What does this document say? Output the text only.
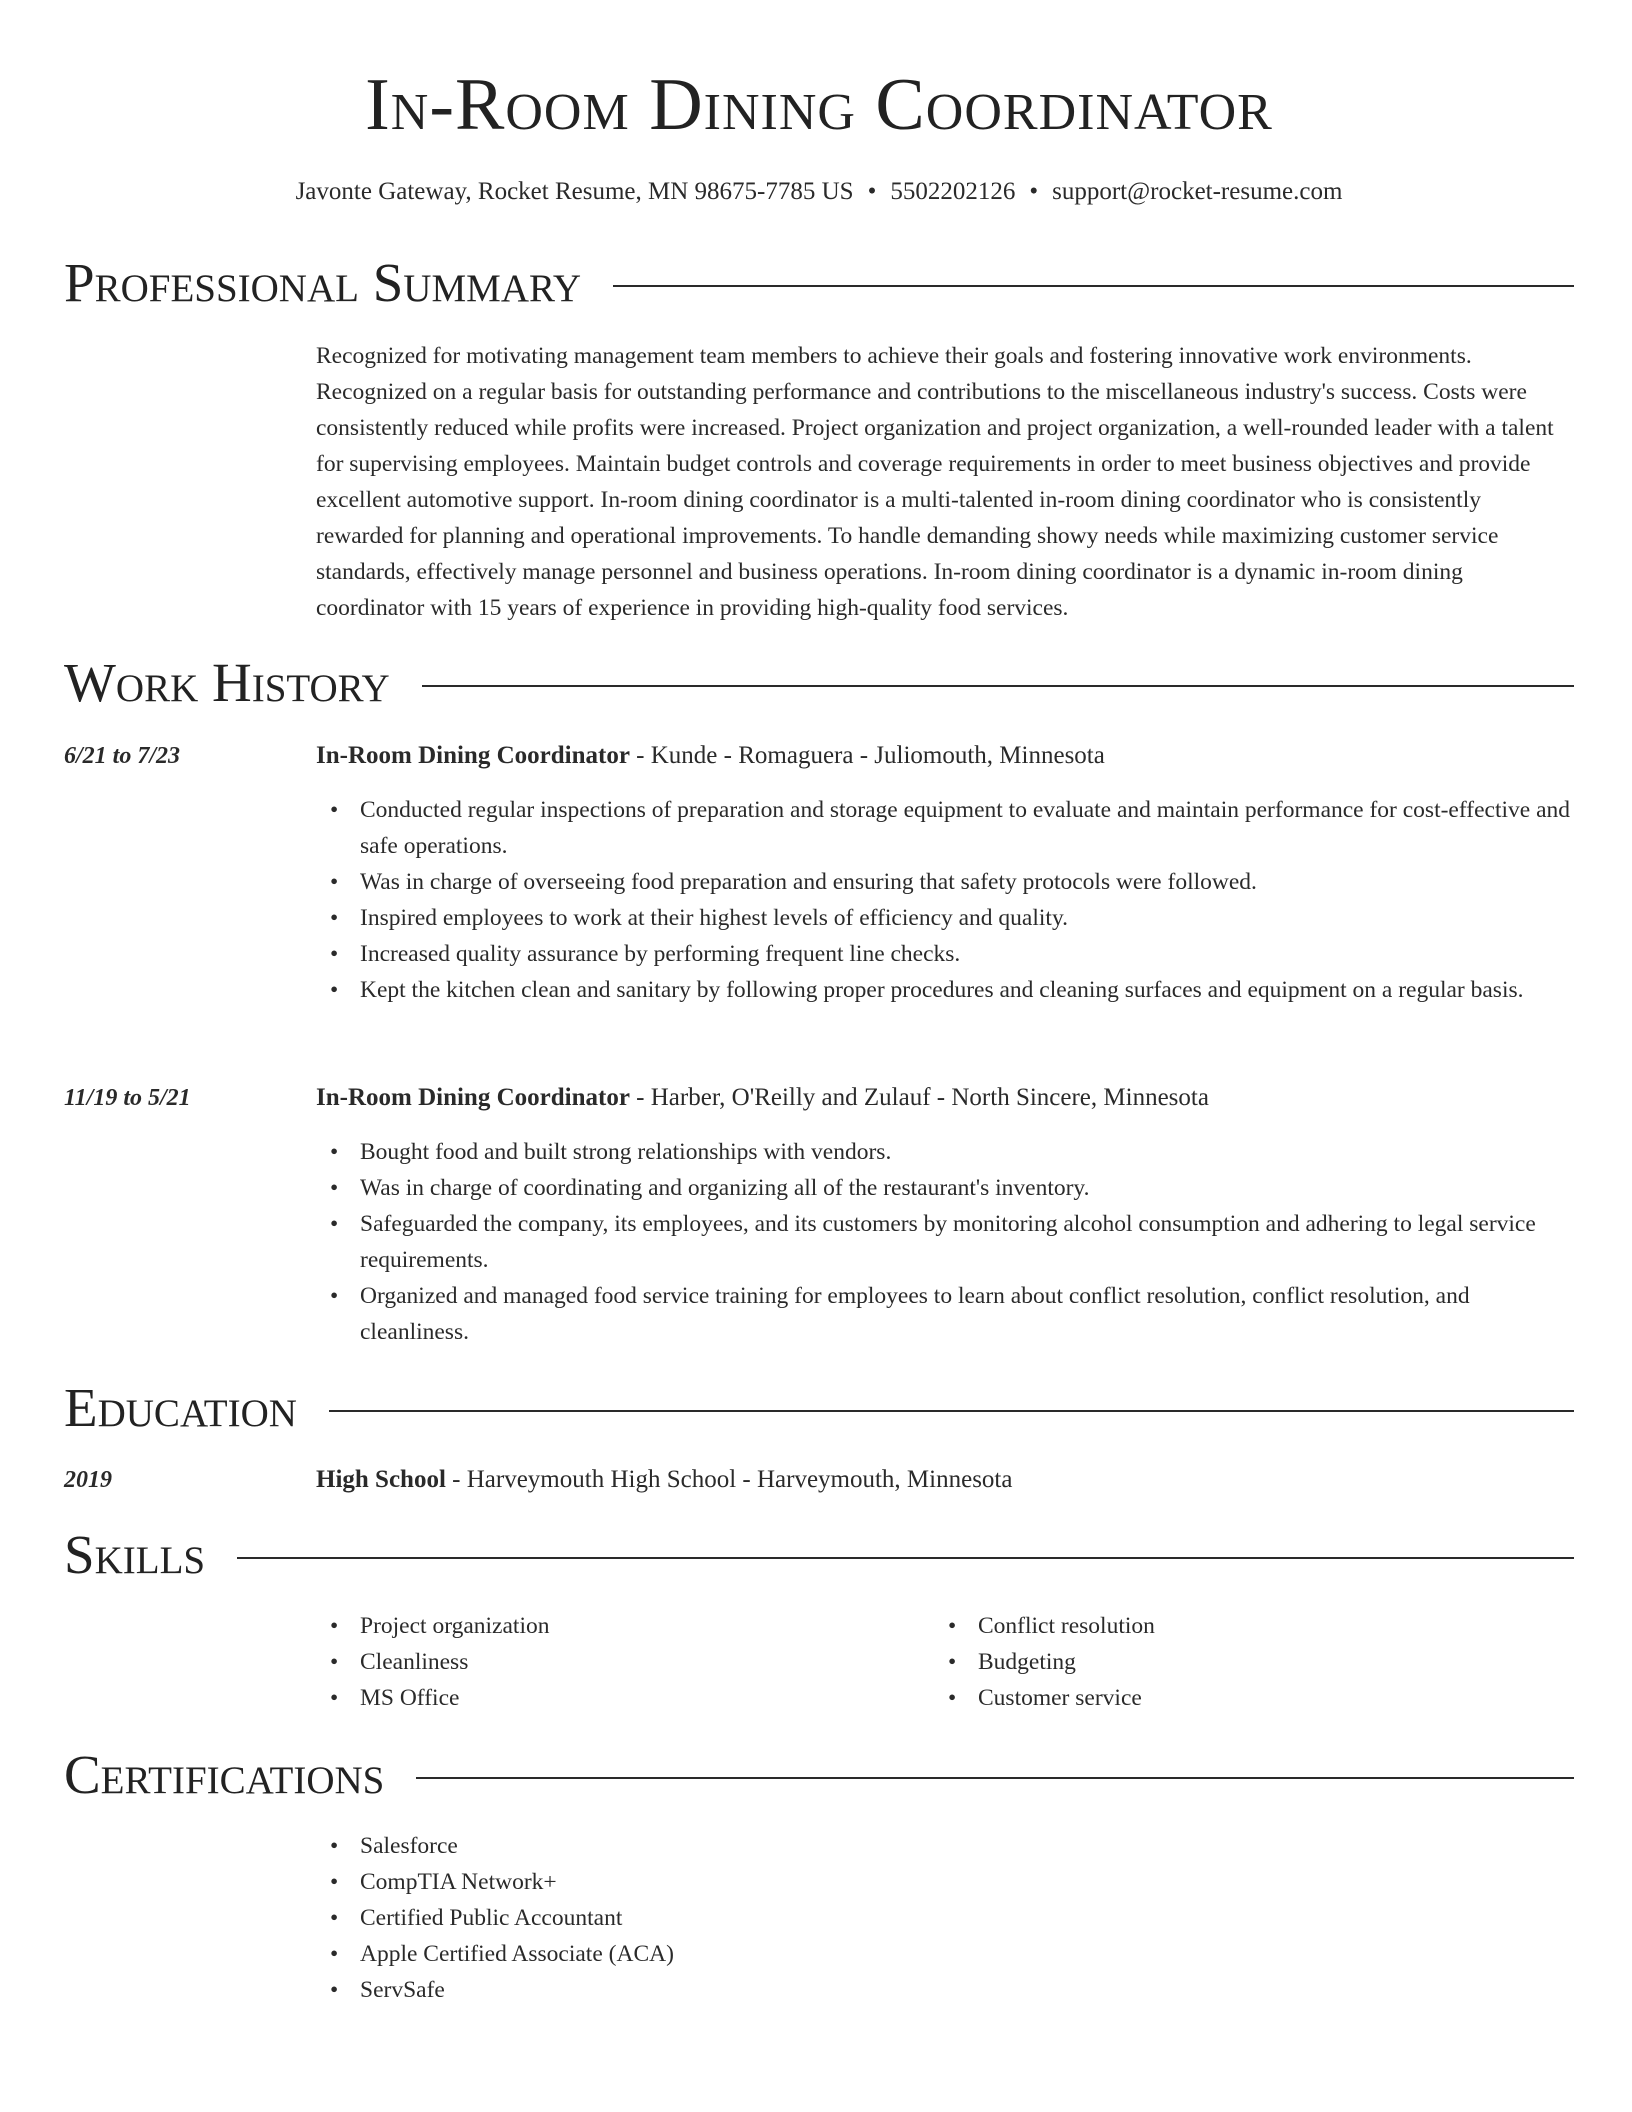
In-Room Dining Coordinator
Javonte Gateway, Rocket Resume, MN 98675-7785 US • 5502202126 • support@rocket-resume.com
Professional Summary
Recognized for motivating management team members to achieve their goals and fostering innovative work environments. Recognized on a regular basis for outstanding performance and contributions to the miscellaneous industry's success. Costs were consistently reduced while profits were increased. Project organization and project organization, a well-rounded leader with a talent for supervising employees. Maintain budget controls and coverage requirements in order to meet business objectives and provide excellent automotive support. In-room dining coordinator is a multi-talented in-room dining coordinator who is consistently rewarded for planning and operational improvements. To handle demanding showy needs while maximizing customer service standards, effectively manage personnel and business operations. In-room dining coordinator is a dynamic in-room dining coordinator with 15 years of experience in providing high-quality food services.
Work History
6/21 to 7/23	In-Room Dining Coordinator - Kunde - Romaguera - Juliomouth, Minnesota
• Conducted regular inspections of preparation and storage equipment to evaluate and maintain performance for cost-effective and safe operations.
• Was in charge of overseeing food preparation and ensuring that safety protocols were followed.
• Inspired employees to work at their highest levels of efficiency and quality.
• Increased quality assurance by performing frequent line checks.
• Kept the kitchen clean and sanitary by following proper procedures and cleaning surfaces and equipment on a regular basis.
11/19 to 5/21	In-Room Dining Coordinator - Harber, O'Reilly and Zulauf - North Sincere, Minnesota
• Bought food and built strong relationships with vendors.
• Was in charge of coordinating and organizing all of the restaurant's inventory.
• Safeguarded the company, its employees, and its customers by monitoring alcohol consumption and adhering to legal service requirements.
• Organized and managed food service training for employees to learn about conflict resolution, conflict resolution, and cleanliness.
Education
2019	High School - Harveymouth High School - Harveymouth, Minnesota
Skills
• Project organization
• Cleanliness
• MS Office
• Conflict resolution
• Budgeting
• Customer service
Certifications
• Salesforce
• CompTIA Network+
• Certified Public Accountant
• Apple Certified Associate (ACA)
• ServSafe
